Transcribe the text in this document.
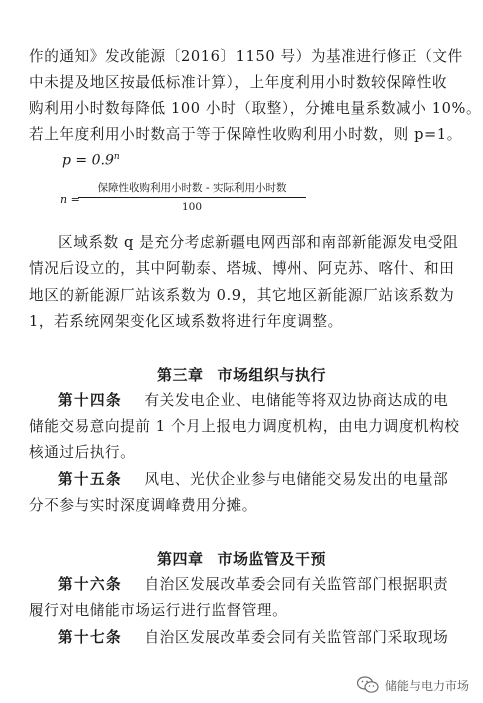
作的通知》发改能源〔2016〕1150 号）为基准进行修正（文件
中未提及地区按最低标准计算），上年度利用小时数较保障性收
购利用小时数每降低 100 小时（取整），分摊电量系数减小 10%。
若上年度利用小时数高于等于保障性收购利用小时数，则 p=1。
$p = 0.9^n$
n =
保障性收购利用小时数 - 实际利用小时数
100
区域系数 q 是充分考虑新疆电网西部和南部新能源发电受阻
情况后设立的，其中阿勒泰、塔城、博州、阿克苏、喀什、和田
地区的新能源厂站该系数为 0.9，其它地区新能源厂站该系数为
1，若系统网架变化区域系数将进行年度调整。
第三章 市场组织与执行
第十四条 有关发电企业、电储能等将双边协商达成的电
储能交易意向提前 1 个月上报电力调度机构，由电力调度机构校
核通过后执行。
第十五条 风电、光伏企业参与电储能交易发出的电量部
分不参与实时深度调峰费用分摊。
第四章 市场监管及干预
第十六条 自治区发展改革委会同有关监管部门根据职责
履行对电储能市场运行进行监督管理。
第十七条 自治区发展改革委会同有关监管部门采取现场
储能与电力市场
